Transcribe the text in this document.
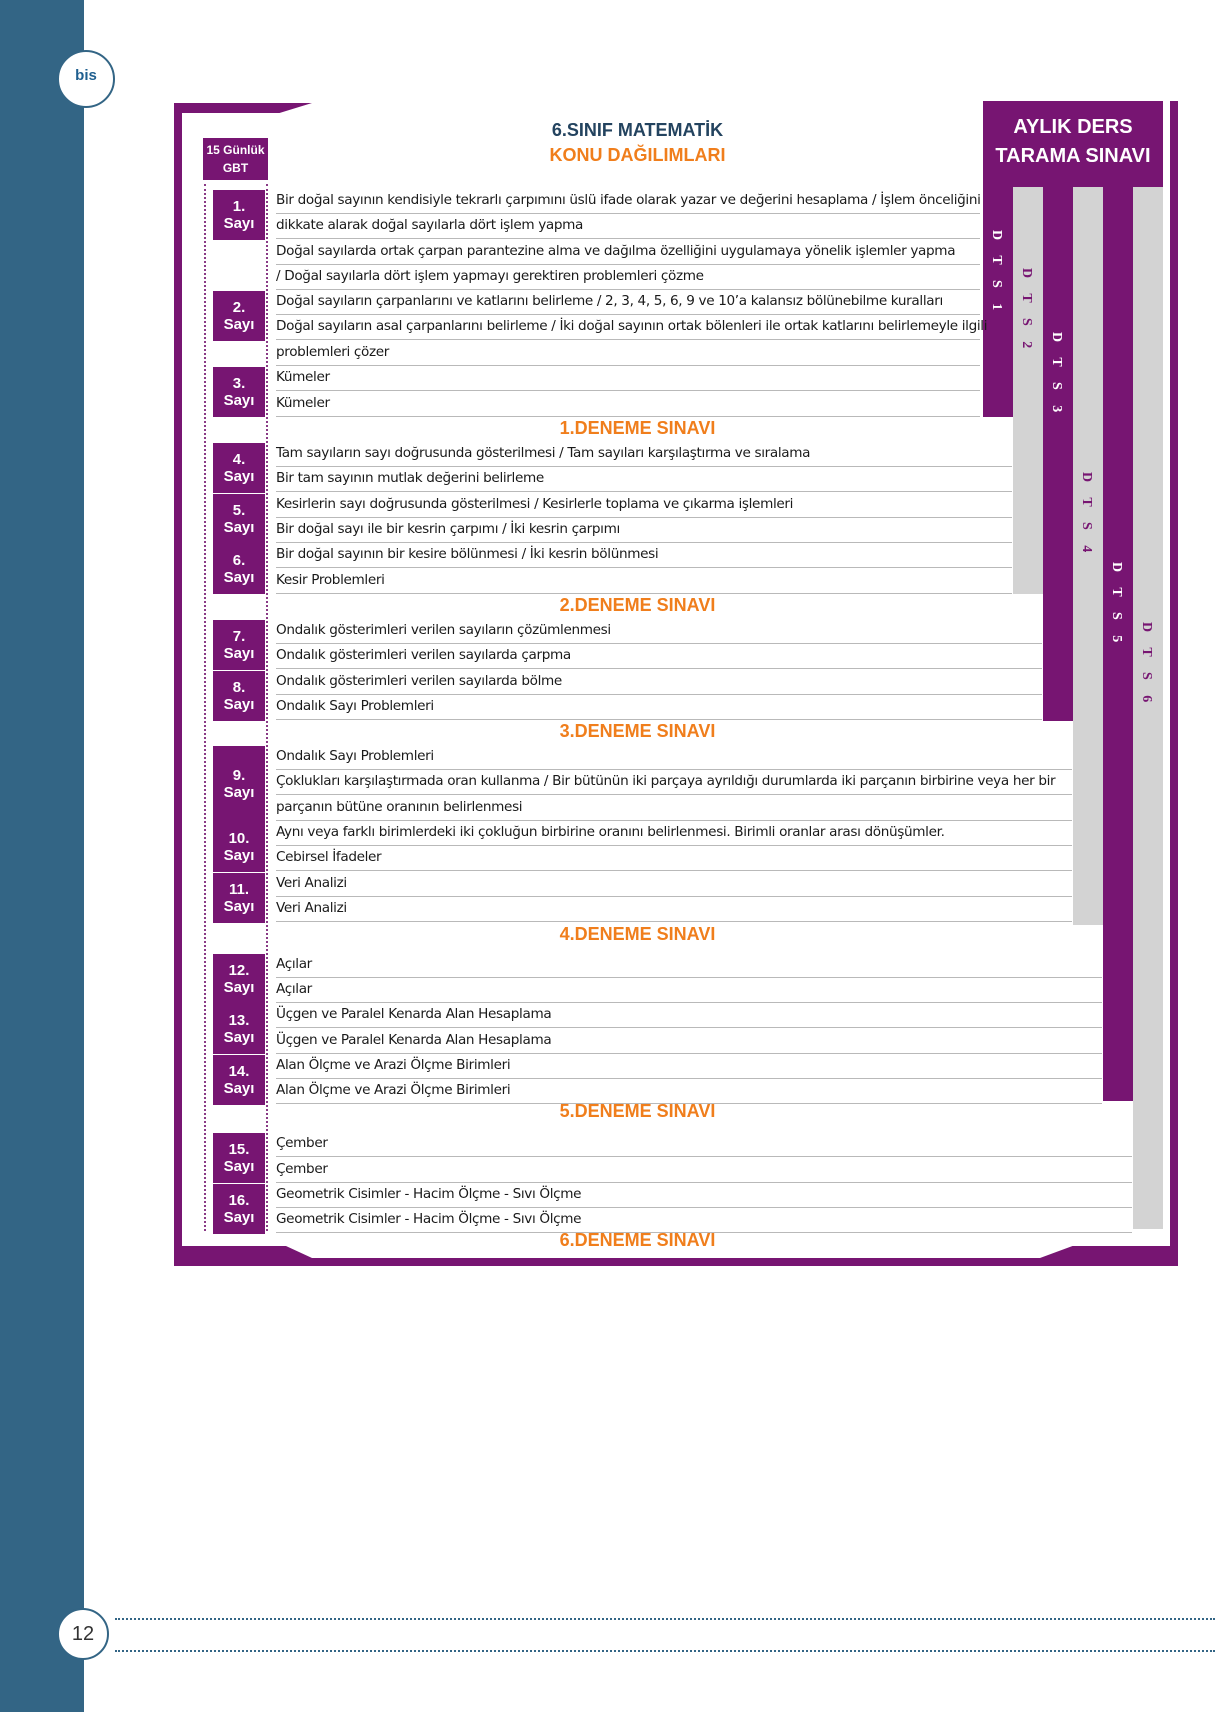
bis
6.SINIF MATEMATİK
KONU DAĞILIMLARI
AYLIK DERS
TARAMA SINAVI
15 Günlük
GBT
D T S 1 D T S 2
D T S 3
D T S 4
D T S 5
D T S 6
1.
Sayı
2.
Sayı
3.
Sayı
4.
Sayı
5.
Sayı
6.
Sayı
7.
Sayı
8.
Sayı
9.
Sayı
10.
Sayı
11.
Sayı
12.
Sayı
13.
Sayı
14.
Sayı
15.
Sayı
16.
Sayı
Bir doğal sayının kendisiyle tekrarlı çarpımını üslü ifade olarak yazar ve değerini hesaplama / İşlem önceliğini
dikkate alarak doğal sayılarla dört işlem yapma
Doğal sayılarda ortak çarpan parantezine alma ve dağılma özelliğini uygulamaya yönelik işlemler yapma
/ Doğal sayılarla dört işlem yapmayı gerektiren problemleri çözme
Doğal sayıların çarpanlarını ve katlarını belirleme / 2, 3, 4, 5, 6, 9 ve 10’a kalansız bölünebilme kuralları
Doğal sayıların asal çarpanlarını belirleme / İki doğal sayının ortak bölenleri ile ortak katlarını belirlemeyle ilgili
problemleri çözer
Kümeler
Kümeler
Tam sayıların sayı doğrusunda gösterilmesi / Tam sayıları karşılaştırma ve sıralama
Bir tam sayının mutlak değerini belirleme
Kesirlerin sayı doğrusunda gösterilmesi / Kesirlerle toplama ve çıkarma işlemleri
Bir doğal sayı ile bir kesrin çarpımı / İki kesrin çarpımı
Bir doğal sayının bir kesire bölünmesi / İki kesrin bölünmesi
Kesir Problemleri
Ondalık gösterimleri verilen sayıların çözümlenmesi
Ondalık gösterimleri verilen sayılarda çarpma
Ondalık gösterimleri verilen sayılarda bölme
Ondalık Sayı Problemleri
Ondalık Sayı Problemleri
Çoklukları karşılaştırmada oran kullanma / Bir bütünün iki parçaya ayrıldığı durumlarda iki parçanın birbirine veya her bir
parçanın bütüne oranının belirlenmesi
Aynı veya farklı birimlerdeki iki çokluğun birbirine oranını belirlenmesi. Birimli oranlar arası dönüşümler.
Cebirsel İfadeler
Veri Analizi
Veri Analizi
Açılar
Açılar
Üçgen ve Paralel Kenarda Alan Hesaplama
Üçgen ve Paralel Kenarda Alan Hesaplama
Alan Ölçme ve Arazi Ölçme Birimleri
Alan Ölçme ve Arazi Ölçme Birimleri
Çember
Çember
Geometrik Cisimler - Hacim Ölçme - Sıvı Ölçme
Geometrik Cisimler - Hacim Ölçme - Sıvı Ölçme
1.DENEME SINAVI
2.DENEME SINAVI
3.DENEME SINAVI
4.DENEME SINAVI
5.DENEME SINAVI
6.DENEME SINAVI
12
